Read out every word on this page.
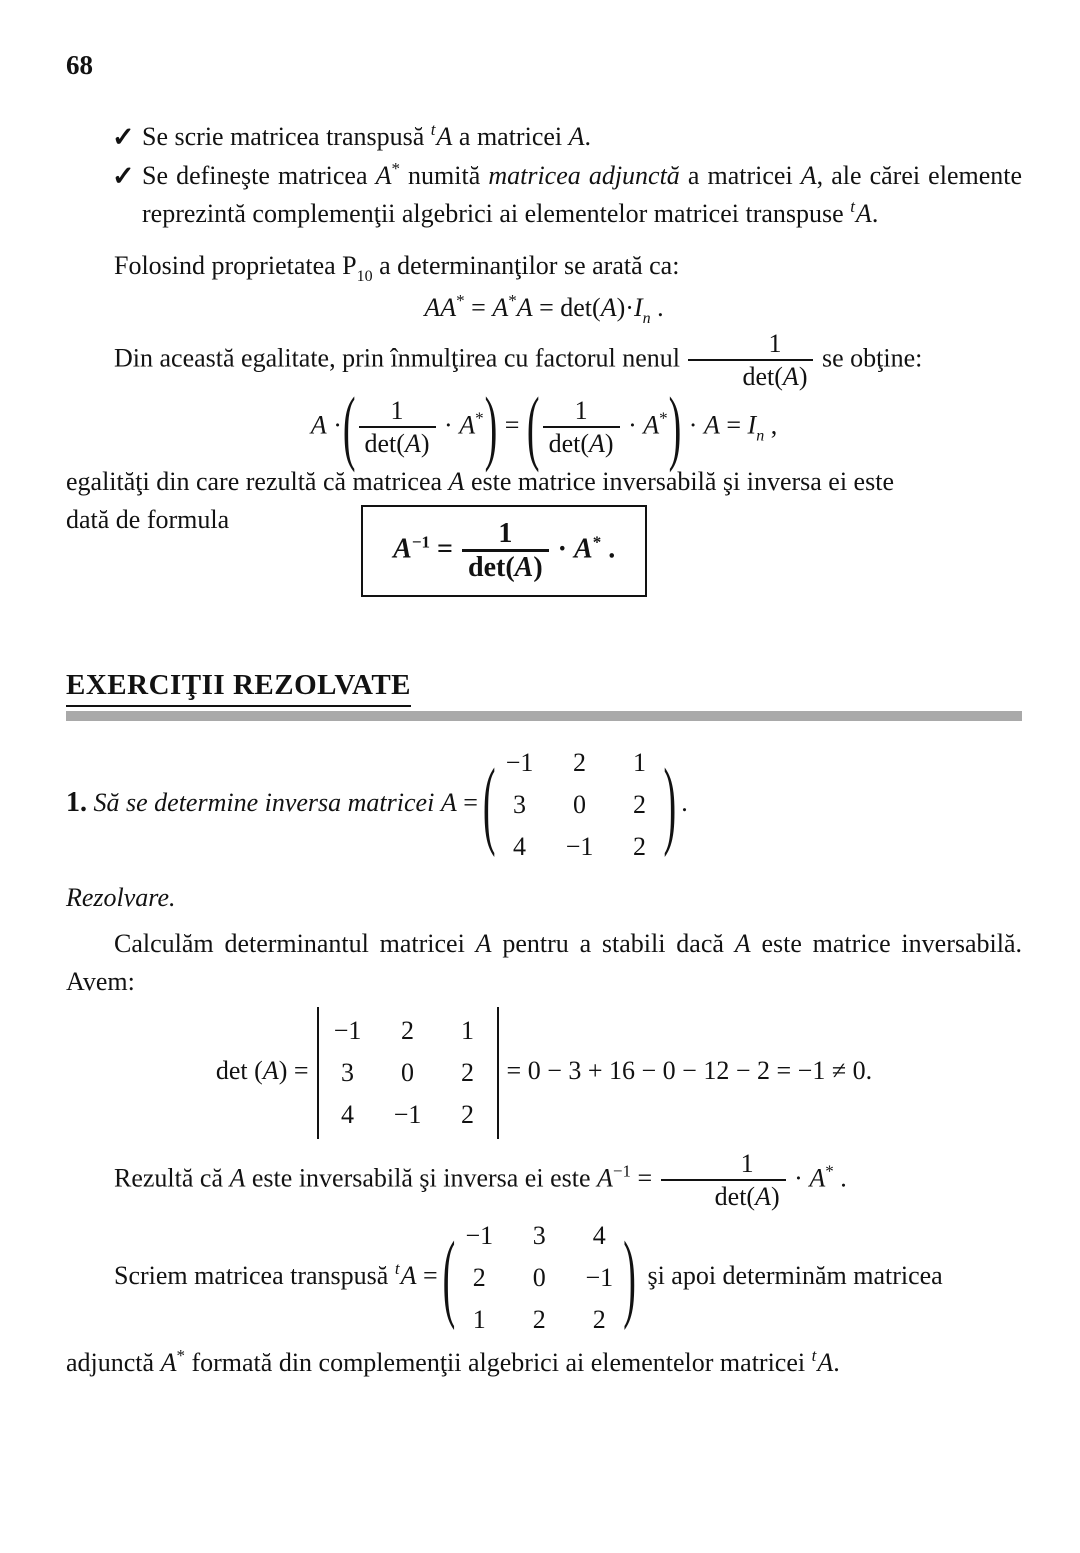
68
✓ Se scrie matricea transpusă $^t$A a matricei A.
✓ Se defineşte matricea A* numită matricea adjunctă a matricei A, ale cărei elemente reprezintă complemenţii algebrici ai elementelor matricei transpuse $^t$A.

Folosind proprietatea $P_{10}$ a determinanţilor se arată ca:

$AA^* = A^*A = \det(A)\cdot I_n$ .

Din această egalitate, prin înmulţirea cu factorul nenul $\frac{1}{\det(A)}$ se obţine:

A ·( $\frac{1}{\det(A)} \cdot A^*$) = ( $\frac{1}{\det(A)} \cdot A^*) \cdot A = I_n$ ,

egalităţi din care rezultă că matricea A este matrice inversabilă şi inversa ei este

dată de formula
$A^{-1} = \frac{1}{\det(A)} \cdot A^*$ .
EXERCIŢII REZOLVATE
1. Să se determine inversa matricei A = ( −1	2	1
3	0	2
4	−1	2 ) .
Rezolvare.

Calculăm determinantul matricei A pentru a stabili dacă A este matrice inversabilă. Avem:

det (A) =
−1	2	1
3	0	2
4	−1	2
= 0 − 3 + 16 − 0 − 12 − 2 = −1 ≠ 0.

Rezultă că A este inversabilă şi inversa ei este $A^{-1} = \frac{1}{\det(A)} \cdot A^*$ .

Scriem matricea transpusă $^t$A = ( −1	3	4
2	0	−1
1	2	2 ) şi apoi determinăm matricea

adjunctă A* formată din complemenţii algebrici ai elementelor matricei $^t$A.
